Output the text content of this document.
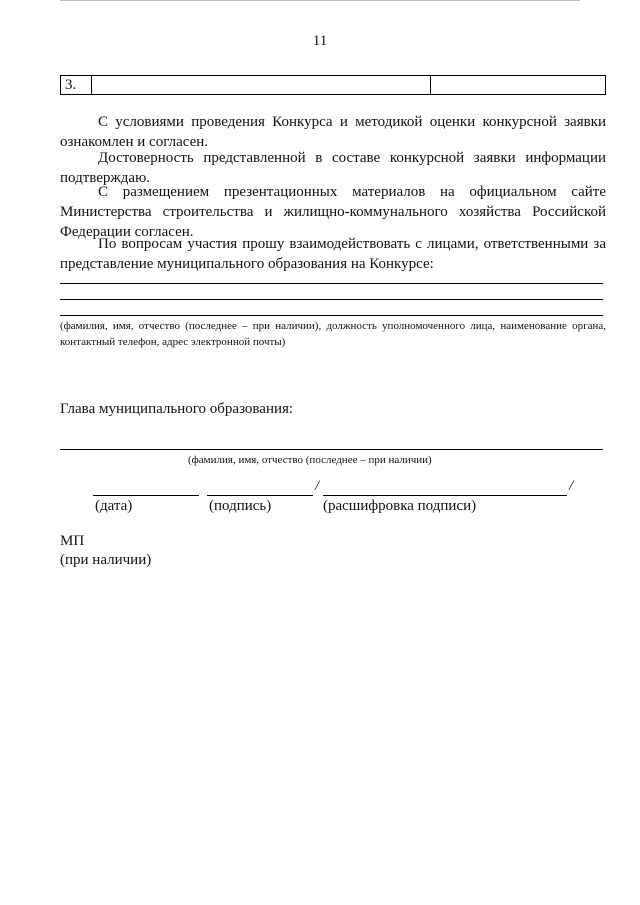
11
3.		

С условиями проведения Конкурса и методикой оценки конкурсной заявки ознакомлен и согласен.

Достоверность представленной в составе конкурсной заявки информации подтверждаю.

С размещением презентационных материалов на официальном сайте Министерства строительства и жилищно-коммунального хозяйства Российской Федерации согласен.

По вопросам участия прошу взаимодействовать с лицами, ответственными за представление муниципального образования на Конкурсе:

(фамилия, имя, отчество (последнее – при наличии), должность уполномоченного лица, наименование органа, контактный телефон, адрес электронной почты)

Глава муниципального образования:
(фамилия, имя, отчество (последнее – при наличии)
/	/
(дата)	(подпись)	(расшифровка подписи)
МП
(при наличии)
